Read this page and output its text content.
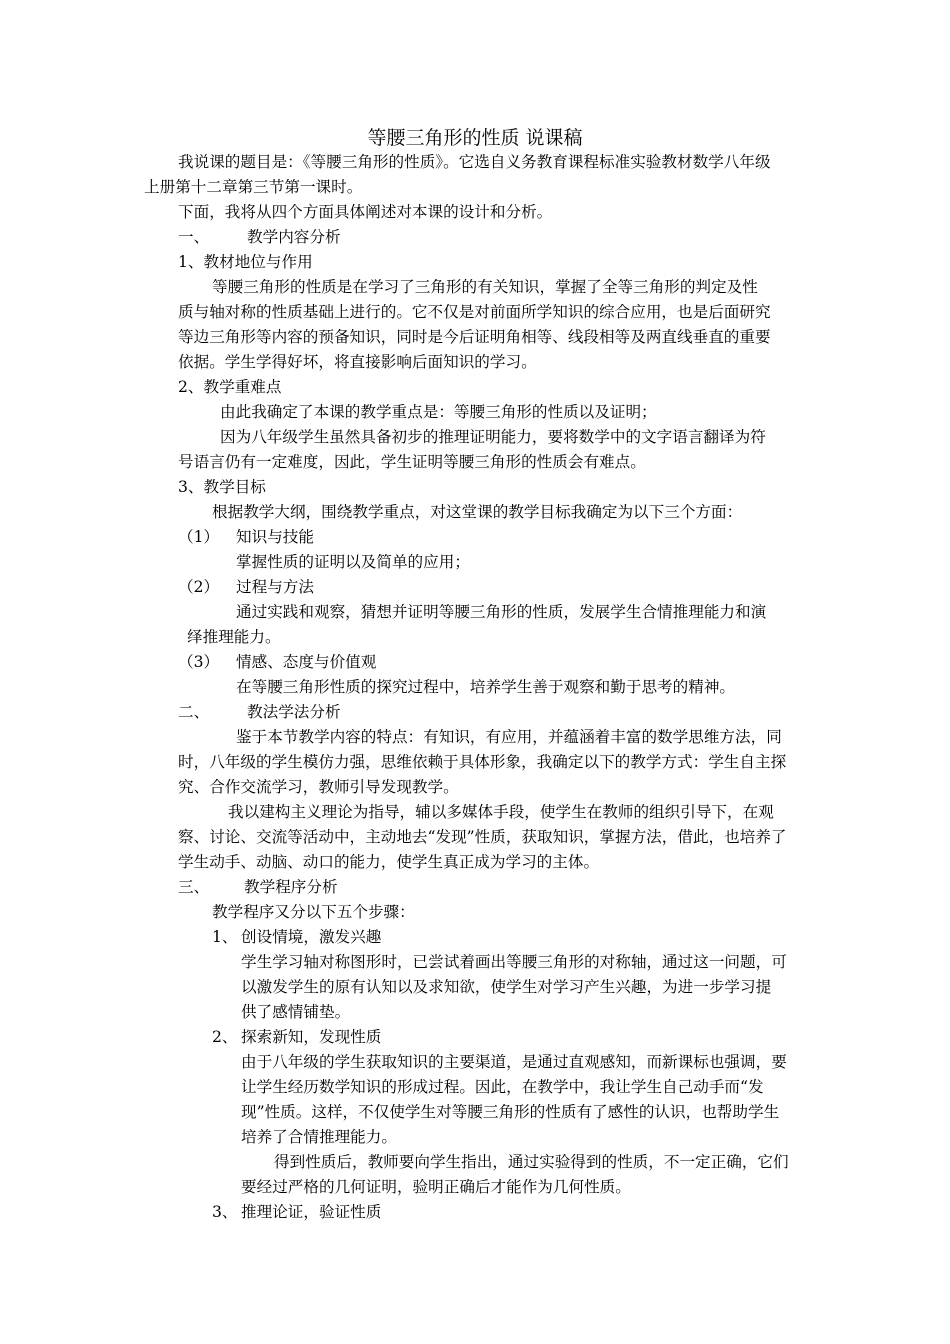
等腰三角形的性质 说课稿
我说课的题目是：《等腰三角形的性质》。它选自义务教育课程标准实验教材数学八年级
上册第十二章第三节第一课时。
下面，我将从四个方面具体阐述对本课的设计和分析。
一、 教学内容分析
1、教材地位与作用
等腰三角形的性质是在学习了三角形的有关知识，掌握了全等三角形的判定及性
质与轴对称的性质基础上进行的。它不仅是对前面所学知识的综合应用，也是后面研究
等边三角形等内容的预备知识，同时是今后证明角相等、线段相等及两直线垂直的重要
依据。学生学得好坏，将直接影响后面知识的学习。
2、教学重难点
由此我确定了本课的教学重点是：等腰三角形的性质以及证明；
因为八年级学生虽然具备初步的推理证明能力，要将数学中的文字语言翻译为符
号语言仍有一定难度，因此，学生证明等腰三角形的性质会有难点。
3、教学目标
根据教学大纲，围绕教学重点，对这堂课的教学目标我确定为以下三个方面：
（1） 知识与技能
掌握性质的证明以及简单的应用；
（2） 过程与方法
通过实践和观察，猜想并证明等腰三角形的性质，发展学生合情推理能力和演
绎推理能力。
（3） 情感、态度与价值观
在等腰三角形性质的探究过程中，培养学生善于观察和勤于思考的精神。
二、 教法学法分析
鉴于本节教学内容的特点：有知识，有应用，并蕴涵着丰富的数学思维方法，同
时，八年级的学生模仿力强，思维依赖于具体形象，我确定以下的教学方式：学生自主探
究、合作交流学习，教师引导发现教学。
我以建构主义理论为指导，辅以多媒体手段，使学生在教师的组织引导下，在观
察、讨论、交流等活动中，主动地去“发现”性质，获取知识，掌握方法，借此，也培养了
学生动手、动脑、动口的能力，使学生真正成为学习的主体。
三、 教学程序分析
教学程序又分以下五个步骤：
1、 创设情境，激发兴趣
学生学习轴对称图形时，已尝试着画出等腰三角形的对称轴，通过这一问题，可
以激发学生的原有认知以及求知欲，使学生对学习产生兴趣，为进一步学习提
供了感情铺垫。
2、 探索新知，发现性质
由于八年级的学生获取知识的主要渠道，是通过直观感知，而新课标也强调，要
让学生经历数学知识的形成过程。因此，在教学中，我让学生自己动手而“发
现”性质。这样，不仅使学生对等腰三角形的性质有了感性的认识，也帮助学生
培养了合情推理能力。
得到性质后，教师要向学生指出，通过实验得到的性质，不一定正确，它们
要经过严格的几何证明，验明正确后才能作为几何性质。
3、 推理论证，验证性质
